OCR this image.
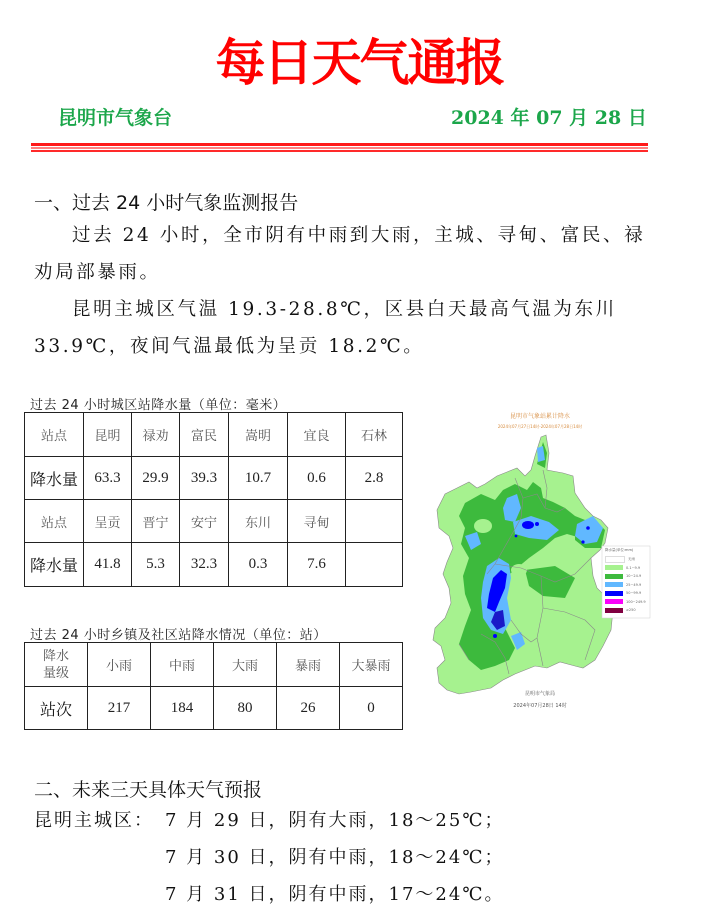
每日天气通报
昆明市气象台	2024 年 07 月 28 日
一、过去 24 小时气象监测报告
过去 24 小时，全市阴有中雨到大雨，主城、寻甸、富民、禄
劝局部暴雨。
昆明主城区气温 19.3-28.8℃，区县白天最高气温为东川
33.9℃，夜间气温最低为呈贡 18.2℃。
过去 24 小时城区站降水量（单位：毫米）
站点	昆明	禄劝	富民	嵩明	宜良	石林
降水量	63.3	29.9	39.3	10.7	0.6	2.8
站点	呈贡	晋宁	安宁	东川	寻甸	
降水量	41.8	5.3	32.3	0.3	7.6	
过去 24 小时乡镇及社区站降水情况（单位：站）
降水
量级	小雨	中雨	大雨	暴雨	大暴雨
站次	217	184	80	26	0
昆明市气象站累计降水
2024年07月27日14时-2024年07月28日14时
降水量(单位:mm)
无雨
0.1~9.9
10~24.9
25~49.9
50~99.9
100~249.9
≥250
昆明市气象局
2024年07月28日 14时
二、未来三天具体天气预报
昆明主城区： 7 月 29 日，阴有大雨，18～25℃；
7 月 30 日，阴有中雨，18～24℃；
7 月 31 日，阴有中雨，17～24℃。
